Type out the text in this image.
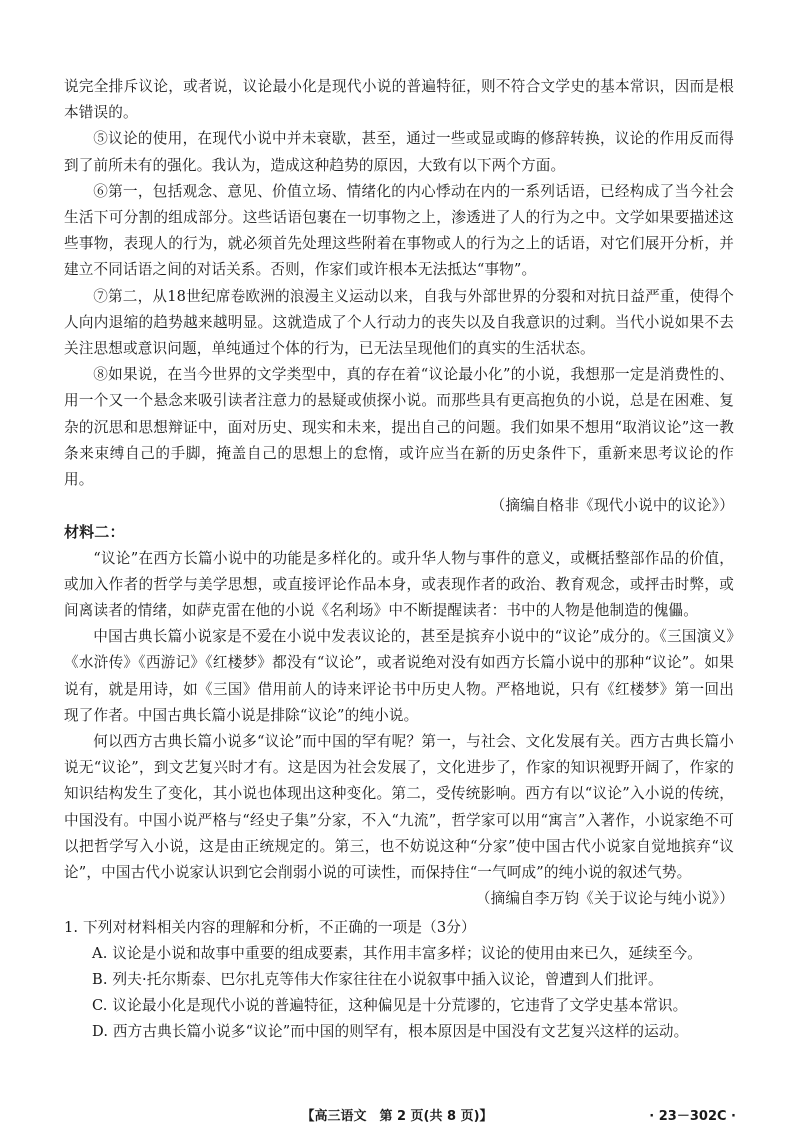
说完全排斥议论，或者说，议论最小化是现代小说的普遍特征，则不符合文学史的基本常识，因而是根本错误的。

⑤议论的使用，在现代小说中并未衰歇，甚至，通过一些或显或晦的修辞转换，议论的作用反而得到了前所未有的强化。我认为，造成这种趋势的原因，大致有以下两个方面。

⑥第一，包括观念、意见、价值立场、情绪化的内心悸动在内的一系列话语，已经构成了当今社会生活下可分割的组成部分。这些话语包裹在一切事物之上，渗透进了人的行为之中。文学如果要描述这些事物，表现人的行为，就必须首先处理这些附着在事物或人的行为之上的话语，对它们展开分析，并建立不同话语之间的对话关系。否则，作家们或许根本无法抵达“事物”。

⑦第二，从18世纪席卷欧洲的浪漫主义运动以来，自我与外部世界的分裂和对抗日益严重，使得个人向内退缩的趋势越来越明显。这就造成了个人行动力的丧失以及自我意识的过剩。当代小说如果不去关注思想或意识问题，单纯通过个体的行为，已无法呈现他们的真实的生活状态。

⑧如果说，在当今世界的文学类型中，真的存在着“议论最小化”的小说，我想那一定是消费性的、用一个又一个悬念来吸引读者注意力的悬疑或侦探小说。而那些具有更高抱负的小说，总是在困难、复杂的沉思和思想辩证中，面对历史、现实和未来，提出自己的问题。我们如果不想用“取消议论”这一教条来束缚自己的手脚，掩盖自己的思想上的怠惰，或许应当在新的历史条件下，重新来思考议论的作用。

（摘编自格非《现代小说中的议论》）

材料二：

“议论”在西方长篇小说中的功能是多样化的。或升华人物与事件的意义，或概括整部作品的价值，或加入作者的哲学与美学思想，或直接评论作品本身，或表现作者的政治、教育观念，或抨击时弊，或间离读者的情绪，如萨克雷在他的小说《名利场》中不断提醒读者：书中的人物是他制造的傀儡。

中国古典长篇小说家是不爱在小说中发表议论的，甚至是摈弃小说中的“议论”成分的。《三国演义》《水浒传》《西游记》《红楼梦》都没有“议论”，或者说绝对没有如西方长篇小说中的那种“议论”。如果说有，就是用诗，如《三国》借用前人的诗来评论书中历史人物。严格地说，只有《红楼梦》第一回出现了作者。中国古典长篇小说是排除“议论”的纯小说。

何以西方古典长篇小说多“议论”而中国的罕有呢？第一，与社会、文化发展有关。西方古典长篇小说无“议论”，到文艺复兴时才有。这是因为社会发展了，文化进步了，作家的知识视野开阔了，作家的知识结构发生了变化，其小说也体现出这种变化。第二，受传统影响。西方有以“议论”入小说的传统，中国没有。中国小说严格与“经史子集”分家，不入“九流”，哲学家可以用“寓言”入著作，小说家绝不可以把哲学写入小说，这是由正统规定的。第三，也不妨说这种“分家”使中国古代小说家自觉地摈弃“议论”，中国古代小说家认识到它会削弱小说的可读性，而保持住“一气呵成”的纯小说的叙述气势。

（摘编自李万钧《关于议论与纯小说》）

1. 下列对材料相关内容的理解和分析，不正确的一项是（3分）

A. 议论是小说和故事中重要的组成要素，其作用丰富多样；议论的使用由来已久，延续至今。

B. 列夫·托尔斯泰、巴尔扎克等伟大作家往往在小说叙事中插入议论，曾遭到人们批评。

C. 议论最小化是现代小说的普遍特征，这种偏见是十分荒谬的，它违背了文学史基本常识。

D. 西方古典长篇小说多“议论”而中国的则罕有，根本原因是中国没有文艺复兴这样的运动。

【高三语文　第 2 页(共 8 页)】	· 23－302C ·
